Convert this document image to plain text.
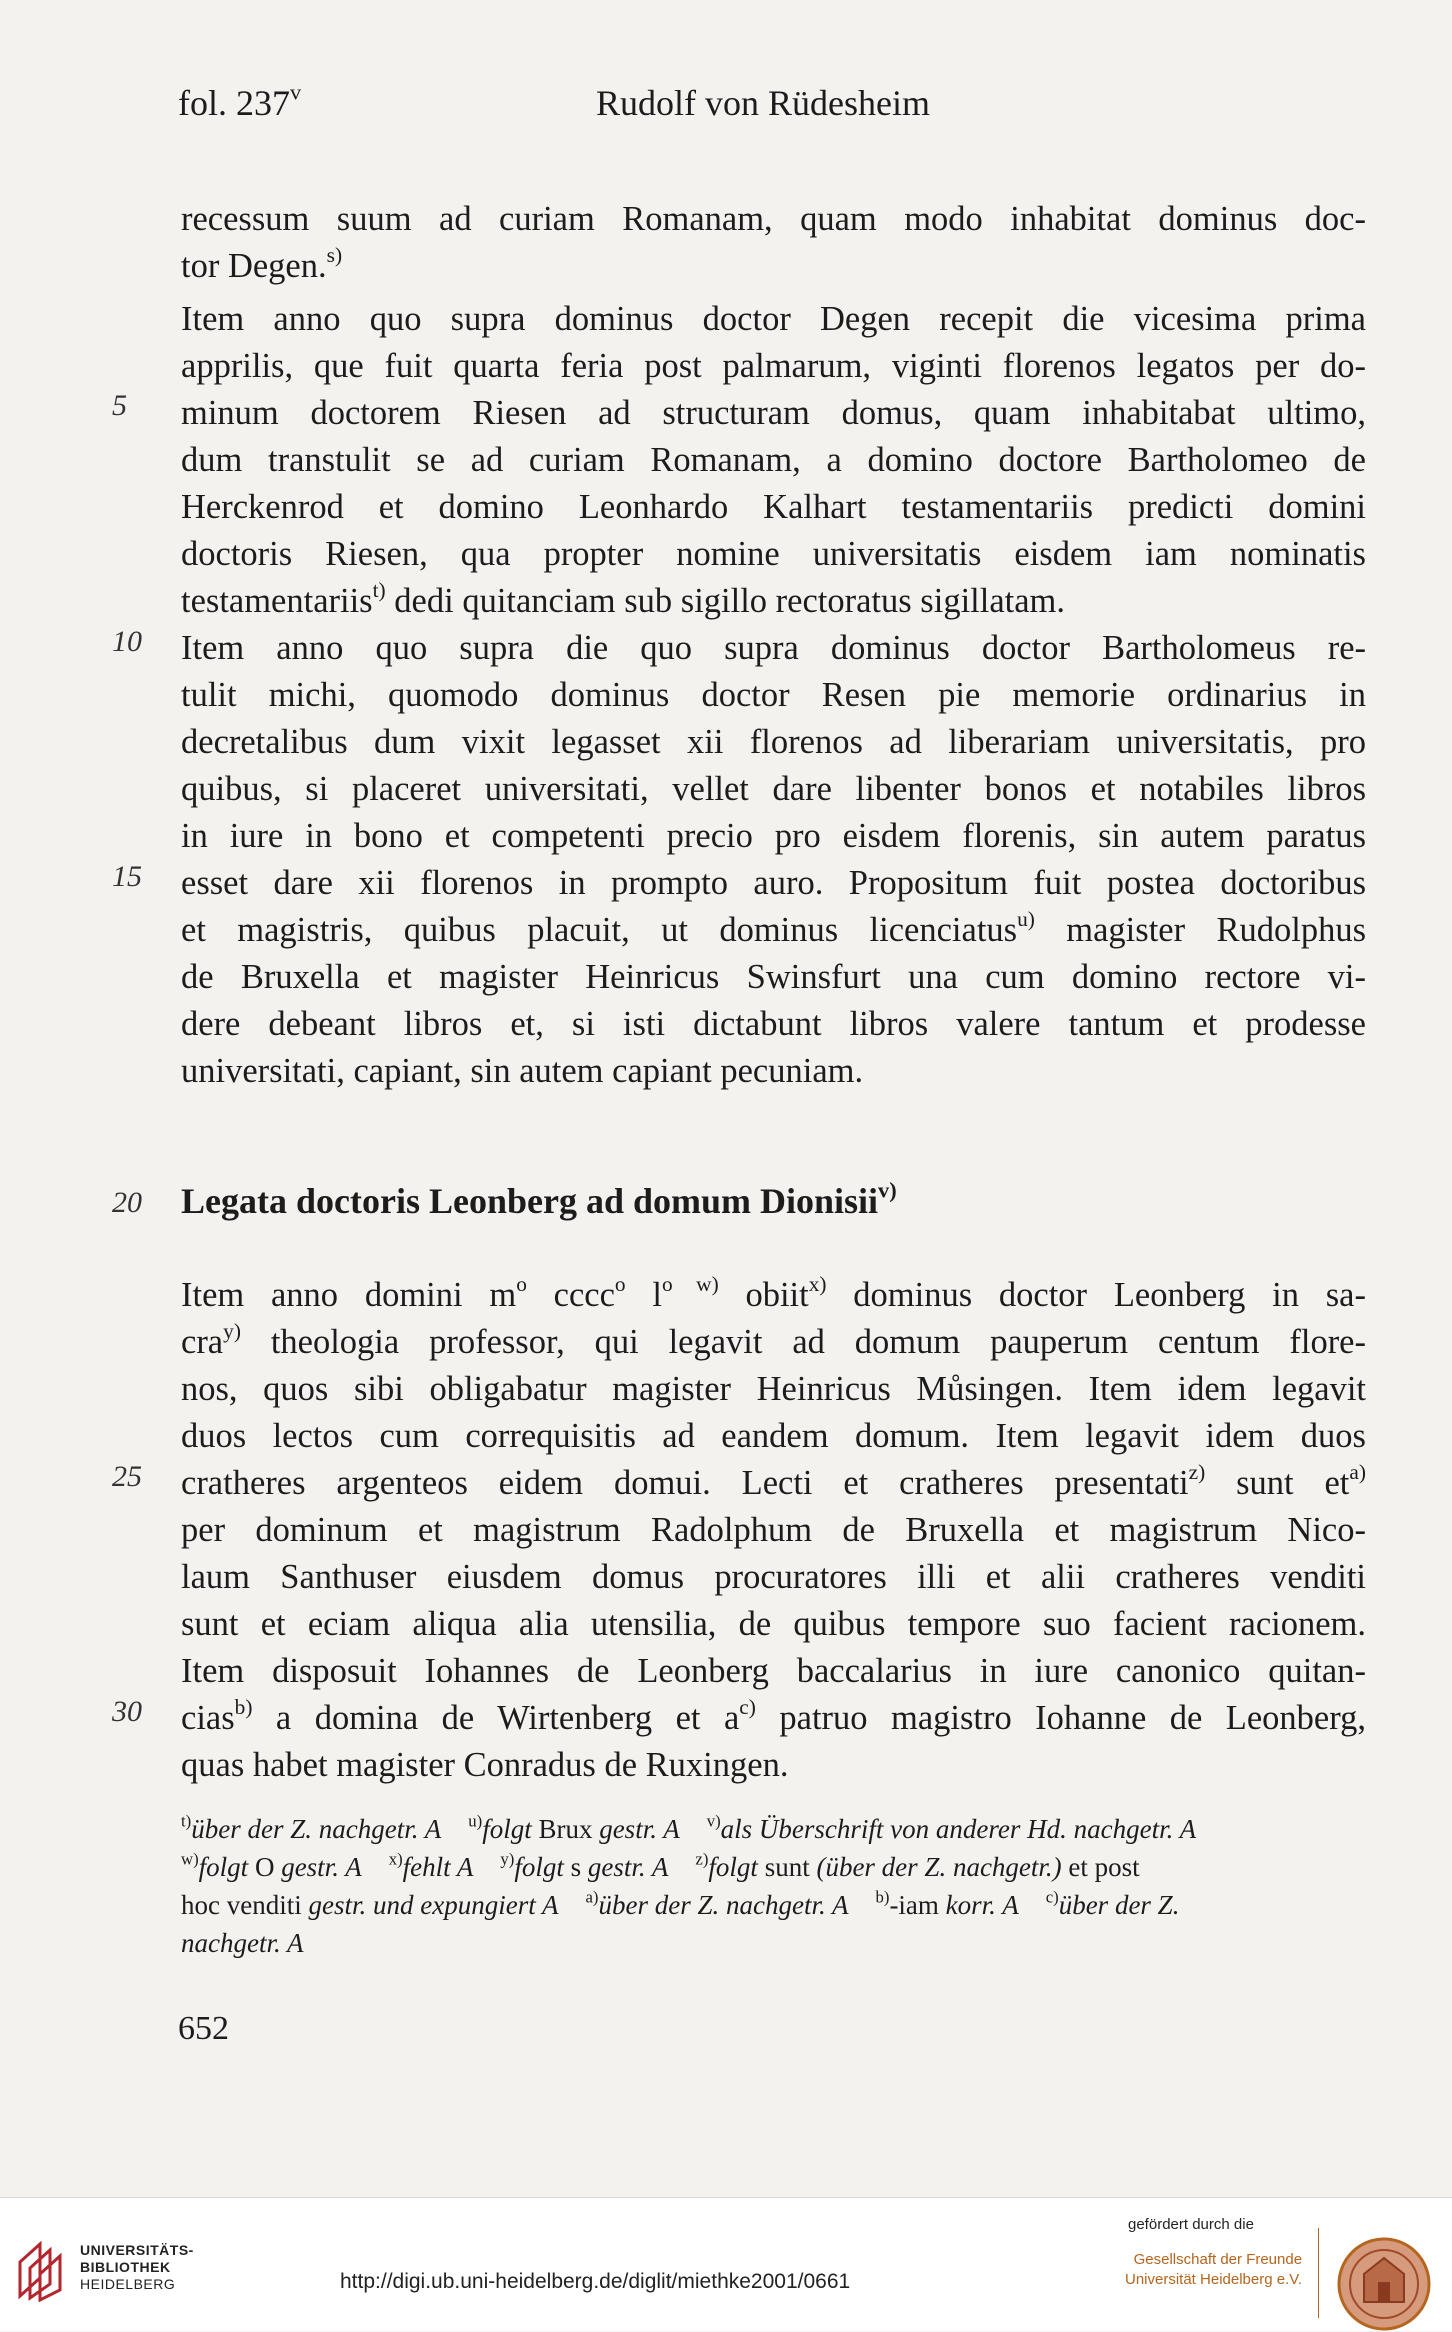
fol. 237$^v$	Rudolf von Rüdesheim
5
10
15
20
25
30
recessum suum ad curiam Romanam, quam modo inhabitat dominus doc-
tor Degen.$^{s)}$
Item anno quo supra dominus doctor Degen recepit die vicesima prima
apprilis, que fuit quarta feria post palmarum, viginti florenos legatos per do-
minum doctorem Riesen ad structuram domus, quam inhabitabat ultimo,
dum transtulit se ad curiam Romanam, a domino doctore Bartholomeo de
Herckenrod et domino Leonhardo Kalhart testamentariis predicti domini
doctoris Riesen, qua propter nomine universitatis eisdem iam nominatis
testamentariis$^{t)}$ dedi quitanciam sub sigillo rectoratus sigillatam.
Item anno quo supra die quo supra dominus doctor Bartholomeus re-
tulit michi, quomodo dominus doctor Resen pie memorie ordinarius in
decretalibus dum vixit legasset xii florenos ad liberariam universitatis, pro
quibus, si placeret universitati, vellet dare libenter bonos et notabiles libros
in iure in bono et competenti precio pro eisdem florenis, sin autem paratus
esset dare xii florenos in prompto auro. Propositum fuit postea doctoribus
et magistris, quibus placuit, ut dominus licenciatus$^{u)}$ magister Rudolphus
de Bruxella et magister Heinricus Swinsfurt una cum domino rectore vi-
dere debeant libros et, si isti dictabunt libros valere tantum et prodesse
universitati, capiant, sin autem capiant pecuniam.
Legata doctoris Leonberg ad domum Dionisii$^{v)}$
Item anno domini $m^o$ cccc$^o$ $l^{o w)}$ obiit$^{x)}$ dominus doctor Leonberg in sa-
cra$^{y)}$ theologia professor, qui legavit ad domum pauperum centum flore-
nos, quos sibi obligabatur magister Heinricus Můsingen. Item idem legavit
duos lectos cum correquisitis ad eandem domum. Item legavit idem duos
cratheres argenteos eidem domui. Lecti et cratheres presentati$^{z)}$ sunt $et^{a)}$
per dominum et magistrum Radolphum de Bruxella et magistrum Nico-
laum Santhuser eiusdem domus procuratores illi et alii cratheres venditi
sunt et eciam aliqua alia utensilia, de quibus tempore suo facient racionem.
Item disposuit Iohannes de Leonberg baccalarius in iure canonico quitan-
cias$^{b)}$ a domina de Wirtenberg et $a^{c)}$ patruo magistro Iohanne de Leonberg,
quas habet magister Conradus de Ruxingen.
$^{t)}$über der Z. nachgetr. A $^{u)}$folgt Brux gestr. A $^{v)}$als Überschrift von anderer Hd. nachgetr. A
$^{w)}$folgt O gestr. A $^{x)}$fehlt A $^{y)}$folgt s gestr. A $^{z)}$folgt sunt (über der Z. nachgetr.) et post
hoc venditi gestr. und expungiert A $^{a)}$über der Z. nachgetr. A $^{b)}$-iam korr. A $^{c)}$über der Z.
nachgetr. A
652
UNIVERSITÄTS-
BIBLIOTHEK
HEIDELBERG	http://digi.ub.uni-heidelberg.de/diglit/miethke2001/0661
gefördert durch die
Gesellschaft der Freunde
Universität Heidelberg e.V.
